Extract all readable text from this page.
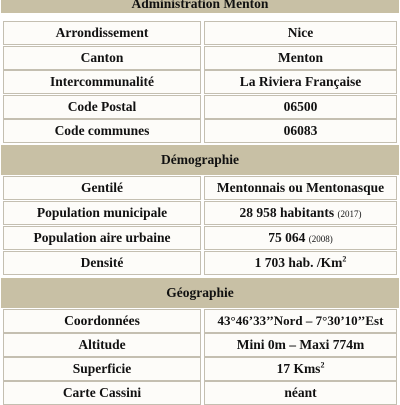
Administration Menton
Arrondissement	Nice
Canton	Menton
Intercommunalité	La Riviera Française
Code Postal	06500
Code communes	06083
Démographie
Gentilé	Mentonnais ou Mentonasque
Population municipale	28 958 habitants (2017)
Population aire urbaine	75 064 (2008)
Densité	1 703 hab. /Km$^2$
Géographie
Coordonnées	43°46’33’’Nord – 7°30’10’’Est
Altitude	Mini 0m – Maxi 774m
Superficie	17 Kms$^2$
Carte Cassini	néant
